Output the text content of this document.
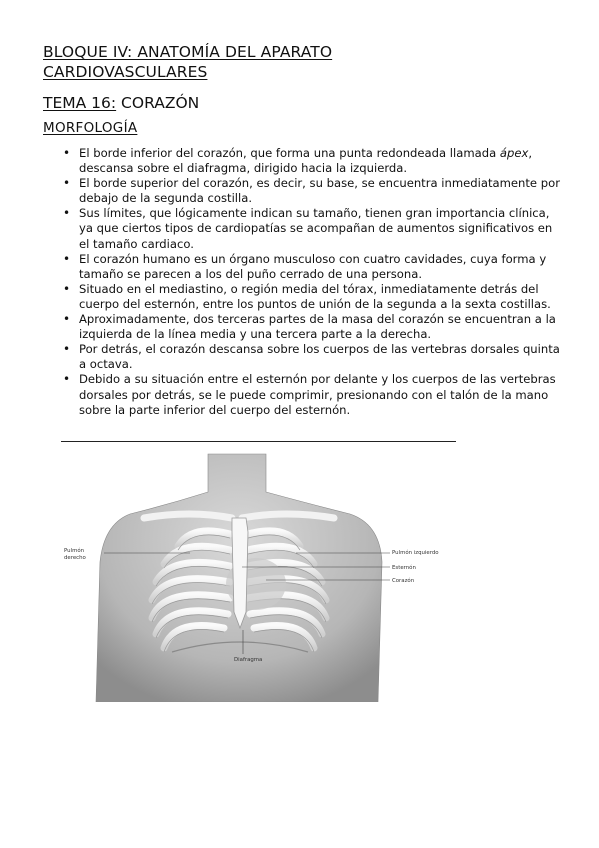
BLOQUE IV: ANATOMÍA DEL APARATO
CARDIOVASCULARES
TEMA 16: CORAZÓN
MORFOLOGÍA
• El borde inferior del corazón, que forma una punta redondeada llamada ápex, descansa sobre el diafragma, dirigido hacia la izquierda.
• El borde superior del corazón, es decir, su base, se encuentra inmediatamente por debajo de la segunda costilla.
• Sus límites, que lógicamente indican su tamaño, tienen gran importancia clínica, ya que ciertos tipos de cardiopatías se acompañan de aumentos significativos en el tamaño cardiaco.
• El corazón humano es un órgano musculoso con cuatro cavidades, cuya forma y tamaño se parecen a los del puño cerrado de una persona.
• Situado en el mediastino, o región media del tórax, inmediatamente detrás del cuerpo del esternón, entre los puntos de unión de la segunda a la sexta costillas.
• Aproximadamente, dos terceras partes de la masa del corazón se encuentran a la izquierda de la línea media y una tercera parte a la derecha.
• Por detrás, el corazón descansa sobre los cuerpos de las vertebras dorsales quinta a octava.
• Debido a su situación entre el esternón por delante y los cuerpos de las vertebras dorsales por detrás, se le puede comprimir, presionando con el talón de la mano sobre la parte inferior del cuerpo del esternón.
Pulmón
derecho
Pulmón izquierdo
Esternón
Corazón
Diafragma
